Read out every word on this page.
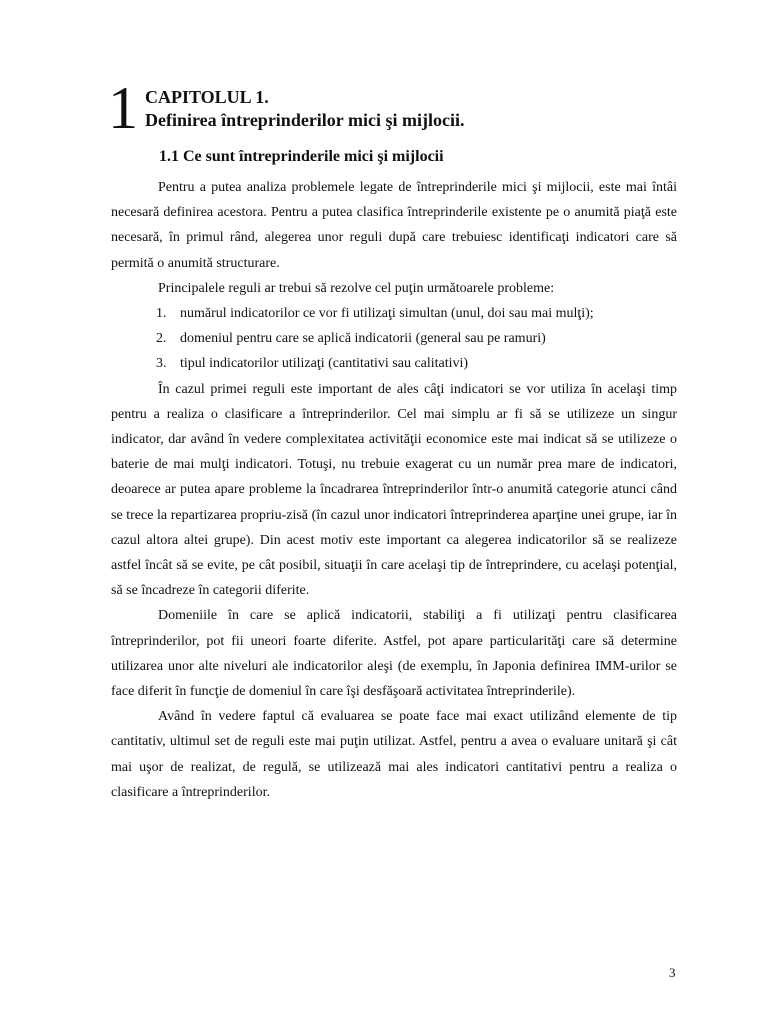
1 CAPITOLUL 1.
Definirea întreprinderilor mici şi mijlocii.
1.1 Ce sunt întreprinderile mici şi mijlocii

Pentru a putea analiza problemele legate de întreprinderile mici şi mijlocii, este mai întâi necesară definirea acestora. Pentru a putea clasifica întreprinderile existente pe o anumită piaţă este necesară, în primul rând, alegerea unor reguli după care trebuiesc identificaţi indicatori care să permită o anumită structurare.

Principalele reguli ar trebui să rezolve cel puţin următoarele probleme:

1. numărul indicatorilor ce vor fi utilizaţi simultan (unul, doi sau mai mulţi);
2. domeniul pentru care se aplică indicatorii (general sau pe ramuri)
3. tipul indicatorilor utilizaţi (cantitativi sau calitativi)

În cazul primei reguli este important de ales câţi indicatori se vor utiliza în acelaşi timp pentru a realiza o clasificare a întreprinderilor. Cel mai simplu ar fi să se utilizeze un singur indicator, dar având în vedere complexitatea activităţii economice este mai indicat să se utilizeze o baterie de mai mulţi indicatori. Totuşi, nu trebuie exagerat cu un număr prea mare de indicatori, deoarece ar putea apare probleme la încadrarea întreprinderilor într-o anumită categorie atunci când se trece la repartizarea propriu-zisă (în cazul unor indicatori întreprinderea aparţine unei grupe, iar în cazul altora altei grupe). Din acest motiv este important ca alegerea indicatorilor să se realizeze astfel încât să se evite, pe cât posibil, situaţii în care acelaşi tip de întreprindere, cu acelaşi potenţial, să se încadreze în categorii diferite.

Domeniile în care se aplică indicatorii, stabiliţi a fi utilizaţi pentru clasificarea întreprinderilor, pot fii uneori foarte diferite. Astfel, pot apare particularităţi care să determine utilizarea unor alte niveluri ale indicatorilor aleşi (de exemplu, în Japonia definirea IMM-urilor se face diferit în funcţie de domeniul în care îşi desfăşoară activitatea întreprinderile).

Având în vedere faptul că evaluarea se poate face mai exact utilizând elemente de tip cantitativ, ultimul set de reguli este mai puţin utilizat. Astfel, pentru a avea o evaluare unitară şi cât mai uşor de realizat, de regulă, se utilizează mai ales indicatori cantitativi pentru a realiza o clasificare a întreprinderilor.

3
